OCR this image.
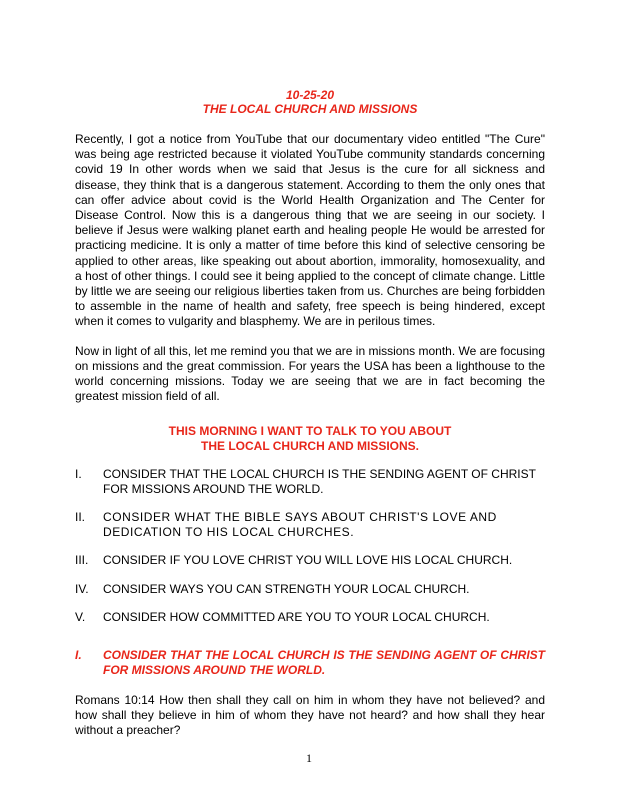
10-25-20
THE LOCAL CHURCH AND MISSIONS

Recently, I got a notice from YouTube that our documentary video entitled "The Cure" was being age restricted because it violated YouTube community standards concerning covid 19 In other words when we said that Jesus is the cure for all sickness and disease, they think that is a dangerous statement. According to them the only ones that can offer advice about covid is the World Health Organization and The Center for Disease Control. Now this is a dangerous thing that we are seeing in our society. I believe if Jesus were walking planet earth and healing people He would be arrested for practicing medicine. It is only a matter of time before this kind of selective censoring be applied to other areas, like speaking out about abortion, immorality, homosexuality, and a host of other things. I could see it being applied to the concept of climate change. Little by little we are seeing our religious liberties taken from us. Churches are being forbidden to assemble in the name of health and safety, free speech is being hindered, except when it comes to vulgarity and blasphemy. We are in perilous times.

Now in light of all this, let me remind you that we are in missions month. We are focusing on missions and the great commission. For years the USA has been a lighthouse to the world concerning missions. Today we are seeing that we are in fact becoming the greatest mission field of all.

THIS MORNING I WANT TO TALK TO YOU ABOUT
THE LOCAL CHURCH AND MISSIONS.
I. CONSIDER THAT THE LOCAL CHURCH IS THE SENDING AGENT OF CHRIST FOR MISSIONS AROUND THE WORLD.
II. CONSIDER WHAT THE BIBLE SAYS ABOUT CHRIST'S LOVE AND DEDICATION TO HIS LOCAL CHURCHES.
III. CONSIDER IF YOU LOVE CHRIST YOU WILL LOVE HIS LOCAL CHURCH.
IV. CONSIDER WAYS YOU CAN STRENGTH YOUR LOCAL CHURCH.
V. CONSIDER HOW COMMITTED ARE YOU TO YOUR LOCAL CHURCH.
I. CONSIDER THAT THE LOCAL CHURCH IS THE SENDING AGENT OF CHRIST FOR MISSIONS AROUND THE WORLD.

Romans 10:14 How then shall they call on him in whom they have not believed? and how shall they believe in him of whom they have not heard? and how shall they hear without a preacher?

1
